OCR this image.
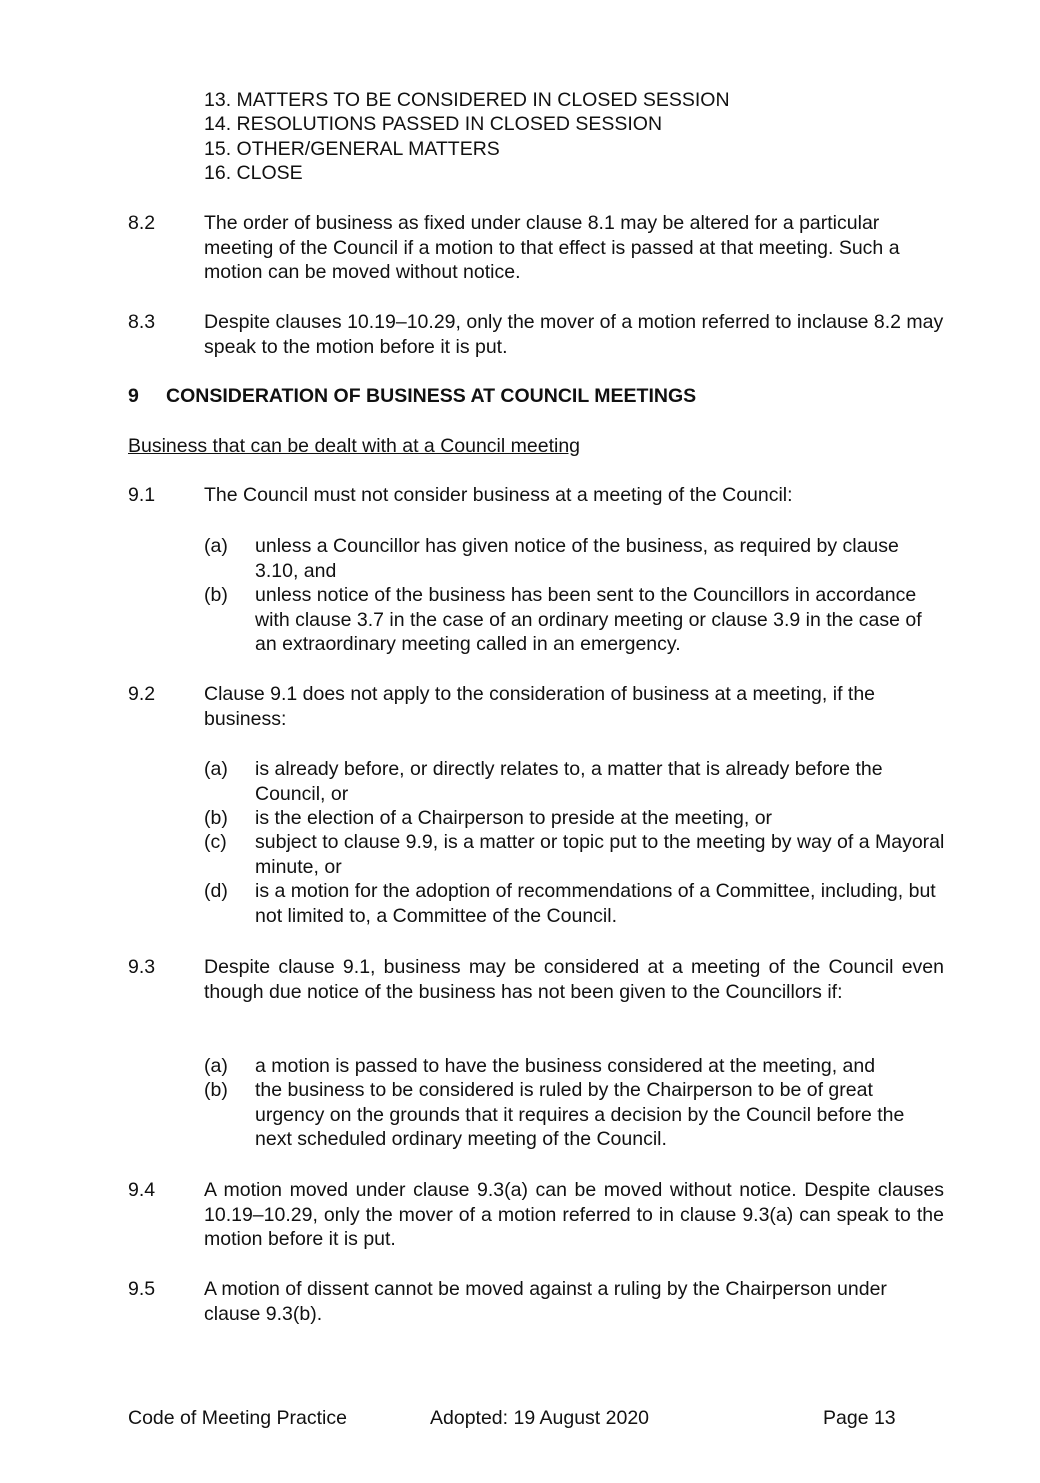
13. MATTERS TO BE CONSIDERED IN CLOSED SESSION
14. RESOLUTIONS PASSED IN CLOSED SESSION
15. OTHER/GENERAL MATTERS
16. CLOSE
8.2	The order of business as fixed under clause 8.1 may be altered for a particular meeting of the Council if a motion to that effect is passed at that meeting. Such a motion can be moved without notice.
8.3	Despite clauses 10.19–10.29, only the mover of a motion referred to inclause 8.2 may speak to the motion before it is put.
9 CONSIDERATION OF BUSINESS AT COUNCIL MEETINGS
Business that can be dealt with at a Council meeting
9.1	The Council must not consider business at a meeting of the Council:
(a)	unless a Councillor has given notice of the business, as required by clause 3.10, and
(b)	unless notice of the business has been sent to the Councillors in accordance with clause 3.7 in the case of an ordinary meeting or clause 3.9 in the case of an extraordinary meeting called in an emergency.
9.2	Clause 9.1 does not apply to the consideration of business at a meeting, if the business:
(a)	is already before, or directly relates to, a matter that is already before the Council, or
(b)	is the election of a Chairperson to preside at the meeting, or
(c)	subject to clause 9.9, is a matter or topic put to the meeting by way of a Mayoral minute, or
(d)	is a motion for the adoption of recommendations of a Committee, including, but not limited to, a Committee of the Council.
9.3	Despite clause 9.1, business may be considered at a meeting of the Council even though due notice of the business has not been given to the Councillors if:
(a)	a motion is passed to have the business considered at the meeting, and
(b)	the business to be considered is ruled by the Chairperson to be of great urgency on the grounds that it requires a decision by the Council before the next scheduled ordinary meeting of the Council.
9.4	A motion moved under clause 9.3(a) can be moved without notice. Despite clauses 10.19–10.29, only the mover of a motion referred to in clause 9.3(a) can speak to the motion before it is put.
9.5	A motion of dissent cannot be moved against a ruling by the Chairperson under clause 9.3(b).
Code of Meeting Practice	Adopted: 19 August 2020	Page 13
